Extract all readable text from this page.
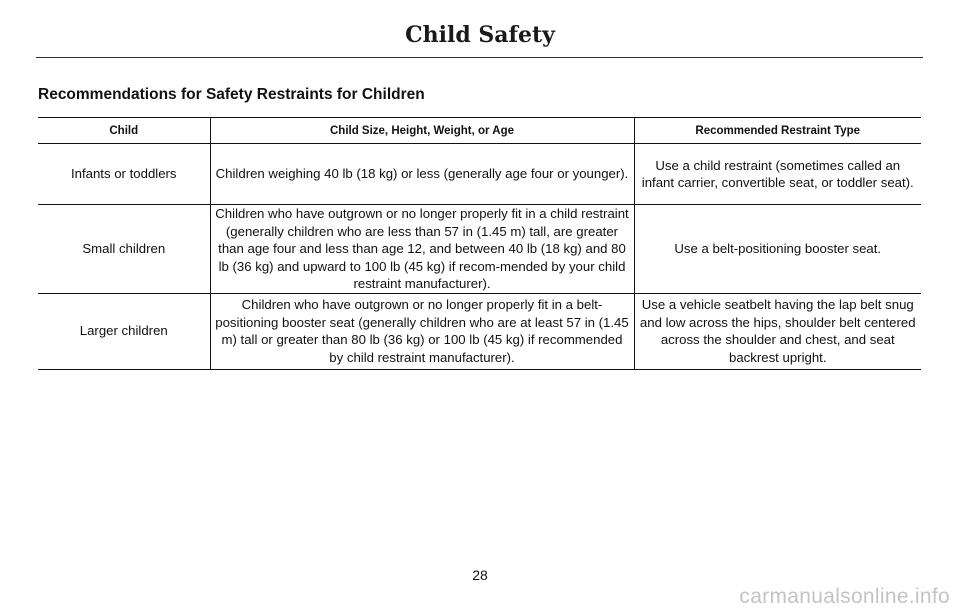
Child Safety
Recommendations for Safety Restraints for Children
Child	Child Size, Height, Weight, or Age	Recommended Restraint Type
Infants or toddlers	Children weighing 40 lb (18 kg) or less (generally age four or younger).	Use a child restraint (sometimes called an infant carrier, convertible seat, or toddler seat).
Small children	Children who have outgrown or no longer properly fit in a child restraint (generally children who are less than 57 in (1.45 m) tall, are greater than age four and less than age 12, and between 40 lb (18 kg) and 80 lb (36 kg) and upward to 100 lb (45 kg) if recom-mended by your child restraint manufacturer).	Use a belt-positioning booster seat.
Larger children	Children who have outgrown or no longer properly fit in a belt-positioning booster seat (generally children who are at least 57 in (1.45 m) tall or greater than 80 lb (36 kg) or 100 lb (45 kg) if recommended by child restraint manufacturer).	Use a vehicle seatbelt having the lap belt snug and low across the hips, shoulder belt centered across the shoulder and chest, and seat backrest upright.
28
carmanualsonline.info
